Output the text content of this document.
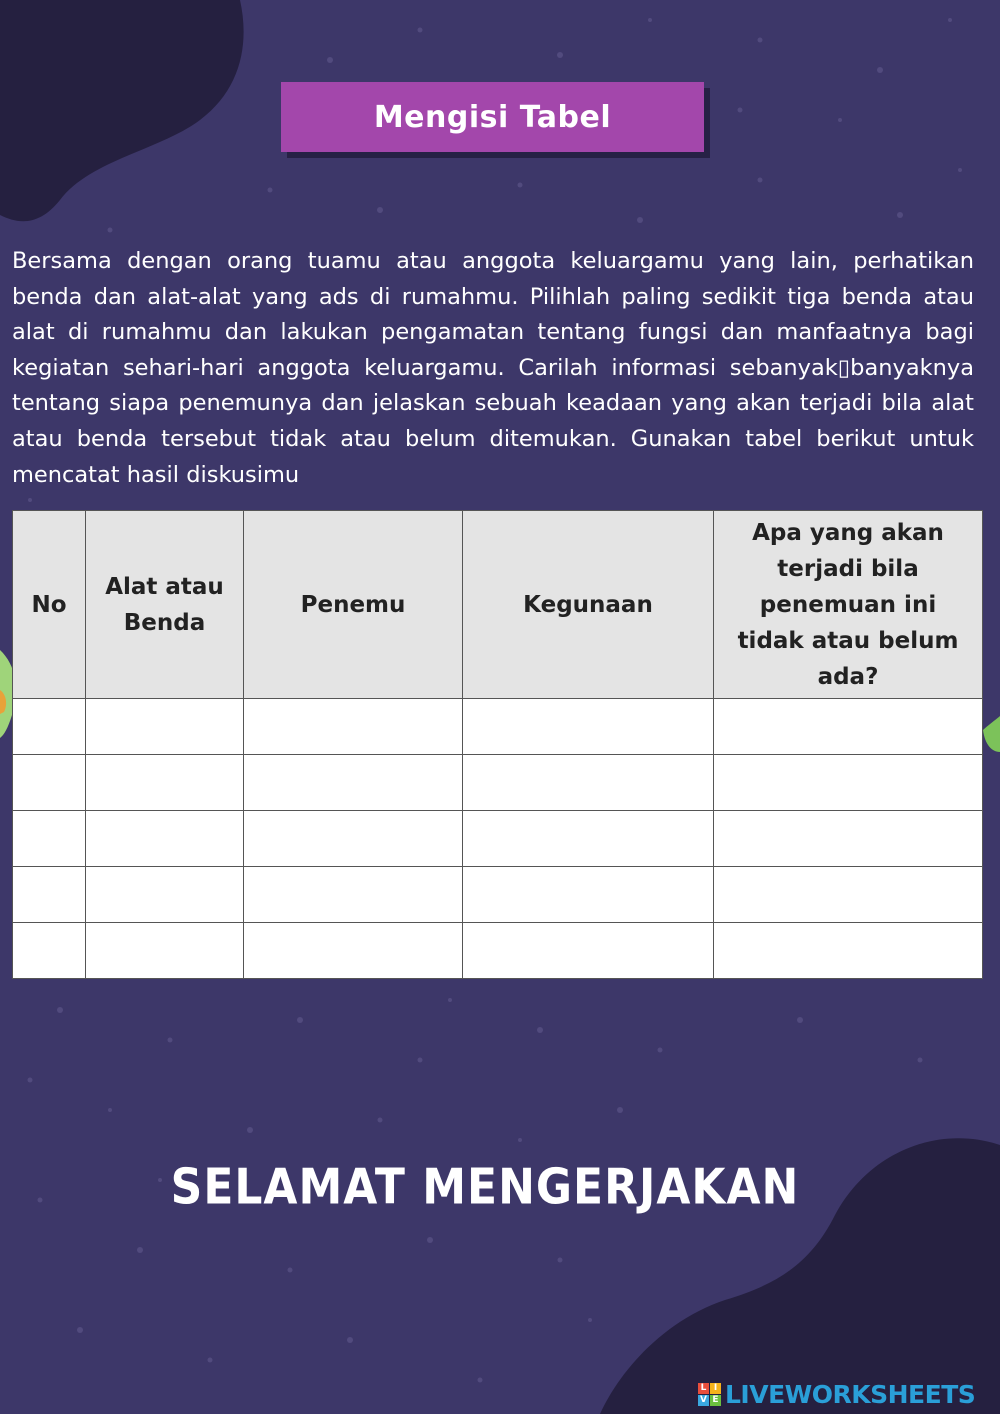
Mengisi Tabel

Bersama dengan orang tuamu atau anggota keluargamu yang lain, perhatikan benda dan alat-alat yang ads di rumahmu. Pilihlah paling sedikit tiga benda atau alat di rumahmu dan lakukan pengamatan tentang fungsi dan manfaatnya bagi kegiatan sehari-hari anggota keluargamu. Carilah informasi sebanyak▯banyaknya tentang siapa penemunya dan jelaskan sebuah keadaan yang akan terjadi bila alat atau benda tersebut tidak atau belum ditemukan. Gunakan tabel berikut untuk mencatat hasil diskusimu

No	Alat atau Benda	Penemu	Kegunaan	Apa yang akan terjadi bila penemuan ini tidak atau belum ada?

SELAMAT MENGERJAKAN
L I
V E LIVEWORKSHEETS
